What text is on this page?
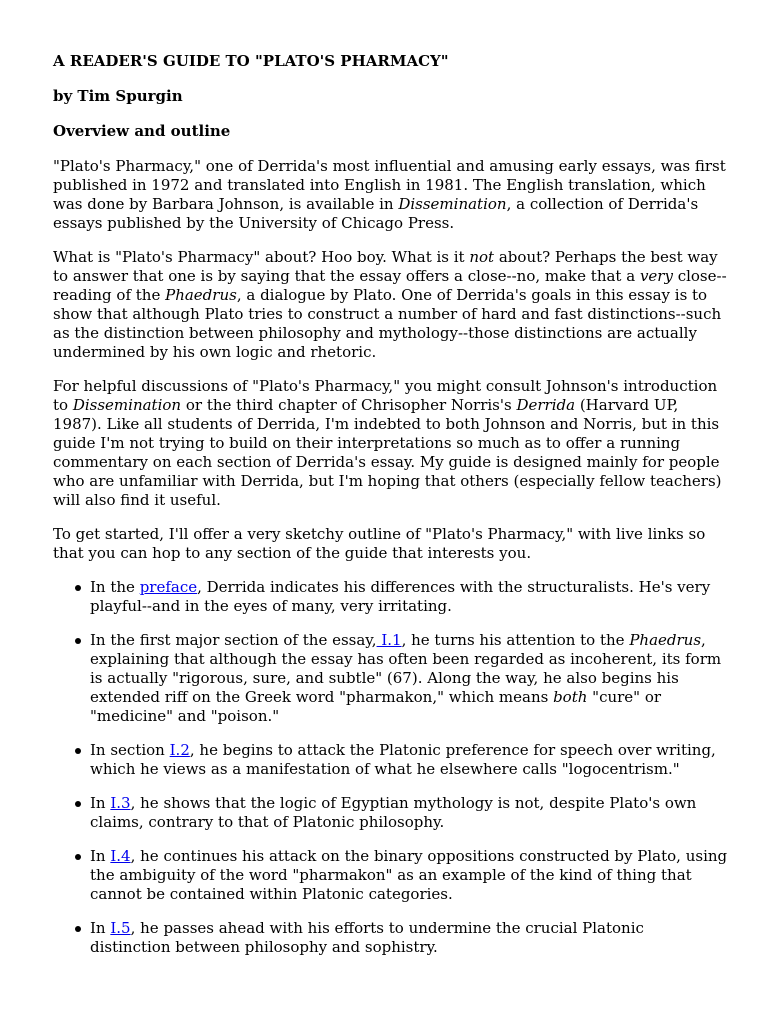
A READER'S GUIDE TO "PLATO'S PHARMACY"
by Tim Spurgin
Overview and outline

"Plato's Pharmacy," one of Derrida's most influential and amusing early essays, was first published in 1972 and translated into English in 1981. The English translation, which was done by Barbara Johnson, is available in Dissemination, a collection of Derrida's essays published by the University of Chicago Press.

What is "Plato's Pharmacy" about? Hoo boy. What is it not about? Perhaps the best way to answer that one is by saying that the essay offers a close--no, make that a very close--reading of the Phaedrus, a dialogue by Plato. One of Derrida's goals in this essay is to show that although Plato tries to construct a number of hard and fast distinctions--such as the distinction between philosophy and mythology--those distinctions are actually undermined by his own logic and rhetoric.

For helpful discussions of "Plato's Pharmacy," you might consult Johnson's introduction to Dissemination or the third chapter of Chrisopher Norris's Derrida (Harvard UP, 1987). Like all students of Derrida, I'm indebted to both Johnson and Norris, but in this guide I'm not trying to build on their interpretations so much as to offer a running commentary on each section of Derrida's essay. My guide is designed mainly for people who are unfamiliar with Derrida, but I'm hoping that others (especially fellow teachers) will also find it useful.

To get started, I'll offer a very sketchy outline of "Plato's Pharmacy," with live links so that you can hop to any section of the guide that interests you.

In the preface, Derrida indicates his differences with the structuralists. He's very playful--and in the eyes of many, very irritating.
In the first major section of the essay, I.1, he turns his attention to the Phaedrus, explaining that although the essay has often been regarded as incoherent, its form is actually "rigorous, sure, and subtle" (67). Along the way, he also begins his extended riff on the Greek word "pharmakon," which means both "cure" or "medicine" and "poison."
In section I.2, he begins to attack the Platonic preference for speech over writing, which he views as a manifestation of what he elsewhere calls "logocentrism."
In I.3, he shows that the logic of Egyptian mythology is not, despite Plato's own claims, contrary to that of Platonic philosophy.
In I.4, he continues his attack on the binary oppositions constructed by Plato, using the ambiguity of the word "pharmakon" as an example of the kind of thing that cannot be contained within Platonic categories.
In I.5, he passes ahead with his efforts to undermine the crucial Platonic distinction between philosophy and sophistry.
